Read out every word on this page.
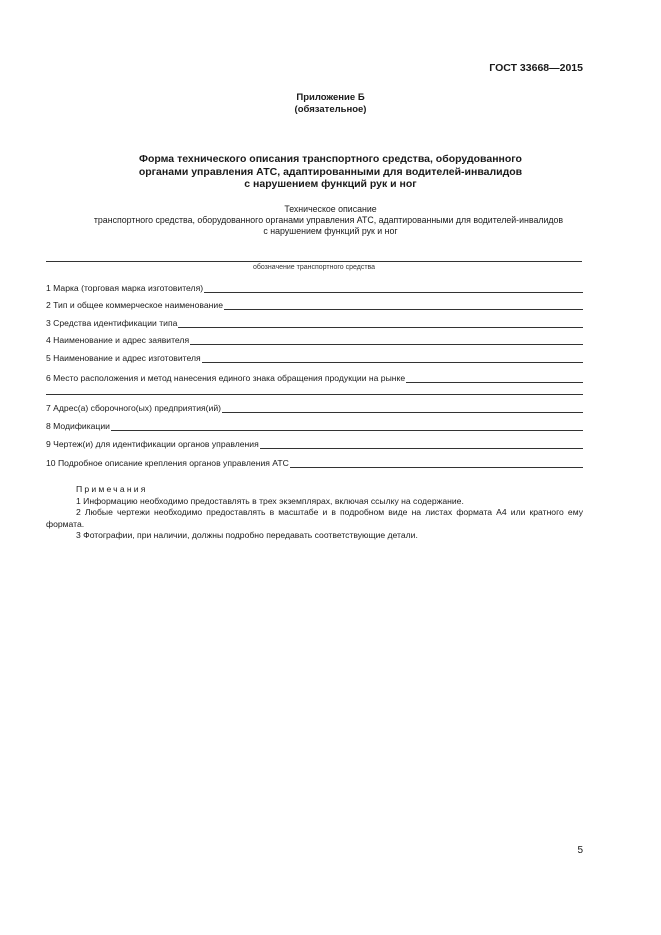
ГОСТ 33668—2015
Приложение Б
(обязательное)
Форма технического описания транспортного средства, оборудованного
органами управления АТС, адаптированными для водителей-инвалидов
с нарушением функций рук и ног
Техническое описание
транспортного средства, оборудованного органами управления АТС, адаптированными для водителей-инвалидов
с нарушением функций рук и ног
обозначение транспортного средства
1 Марка (торговая марка изготовителя)
2 Тип и общее коммерческое наименование
3 Средства идентификации типа
4 Наименование и адрес заявителя
5 Наименование и адрес изготовителя
6 Место расположения и метод нанесения единого знака обращения продукции на рынке
7 Адрес(а) сборочного(ых) предприятия(ий)
8 Модификации
9 Чертеж(и) для идентификации органов управления
10 Подробное описание крепления органов управления АТС
Примечания
1 Информацию необходимо предоставлять в трех экземплярах, включая ссылку на содержание.
2 Любые чертежи необходимо предоставлять в масштабе и в подробном виде на листах формата А4 или кратного ему формата.
3 Фотографии, при наличии, должны подробно передавать соответствующие детали.
5
